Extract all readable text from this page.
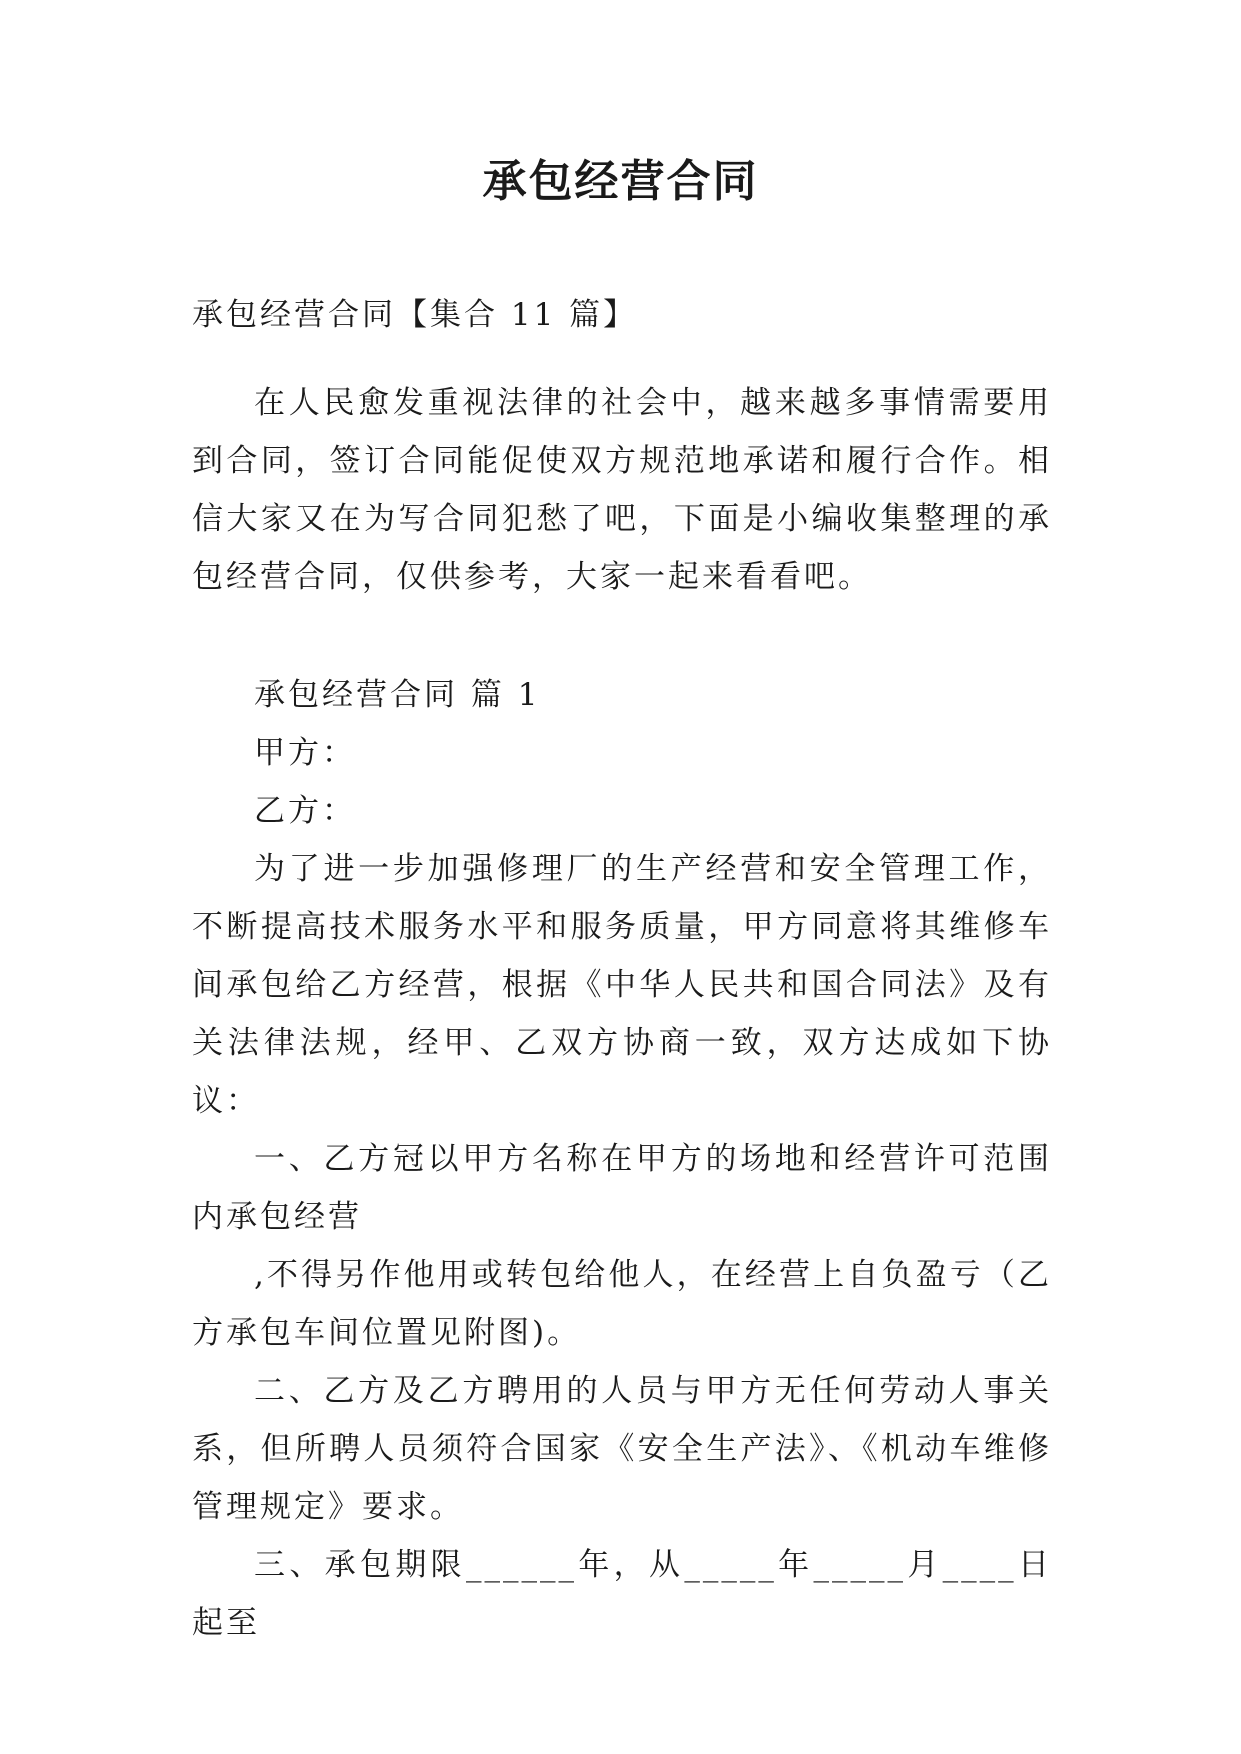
承包经营合同

承包经营合同【集合 11 篇】

在人民愈发重视法律的社会中，越来越多事情需要用到合同，签订合同能促使双方规范地承诺和履行合作。相信大家又在为写合同犯愁了吧，下面是小编收集整理的承包经营合同，仅供参考，大家一起来看看吧。

承包经营合同 篇 1

甲方：

乙方：

为了进一步加强修理厂的生产经营和安全管理工作，不断提高技术服务水平和服务质量，甲方同意将其维修车间承包给乙方经营，根据《中华人民共和国合同法》及有关法律法规，经甲、乙双方协商一致，双方达成如下协议：

一、乙方冠以甲方名称在甲方的场地和经营许可范围内承包经营

,不得另作他用或转包给他人，在经营上自负盈亏（乙方承包车间位置见附图)。

二、乙方及乙方聘用的人员与甲方无任何劳动人事关系，但所聘人员须符合国家《安全生产法》、《机动车维修管理规定》要求。

三、承包期限______年，从_____年_____月____日起至
